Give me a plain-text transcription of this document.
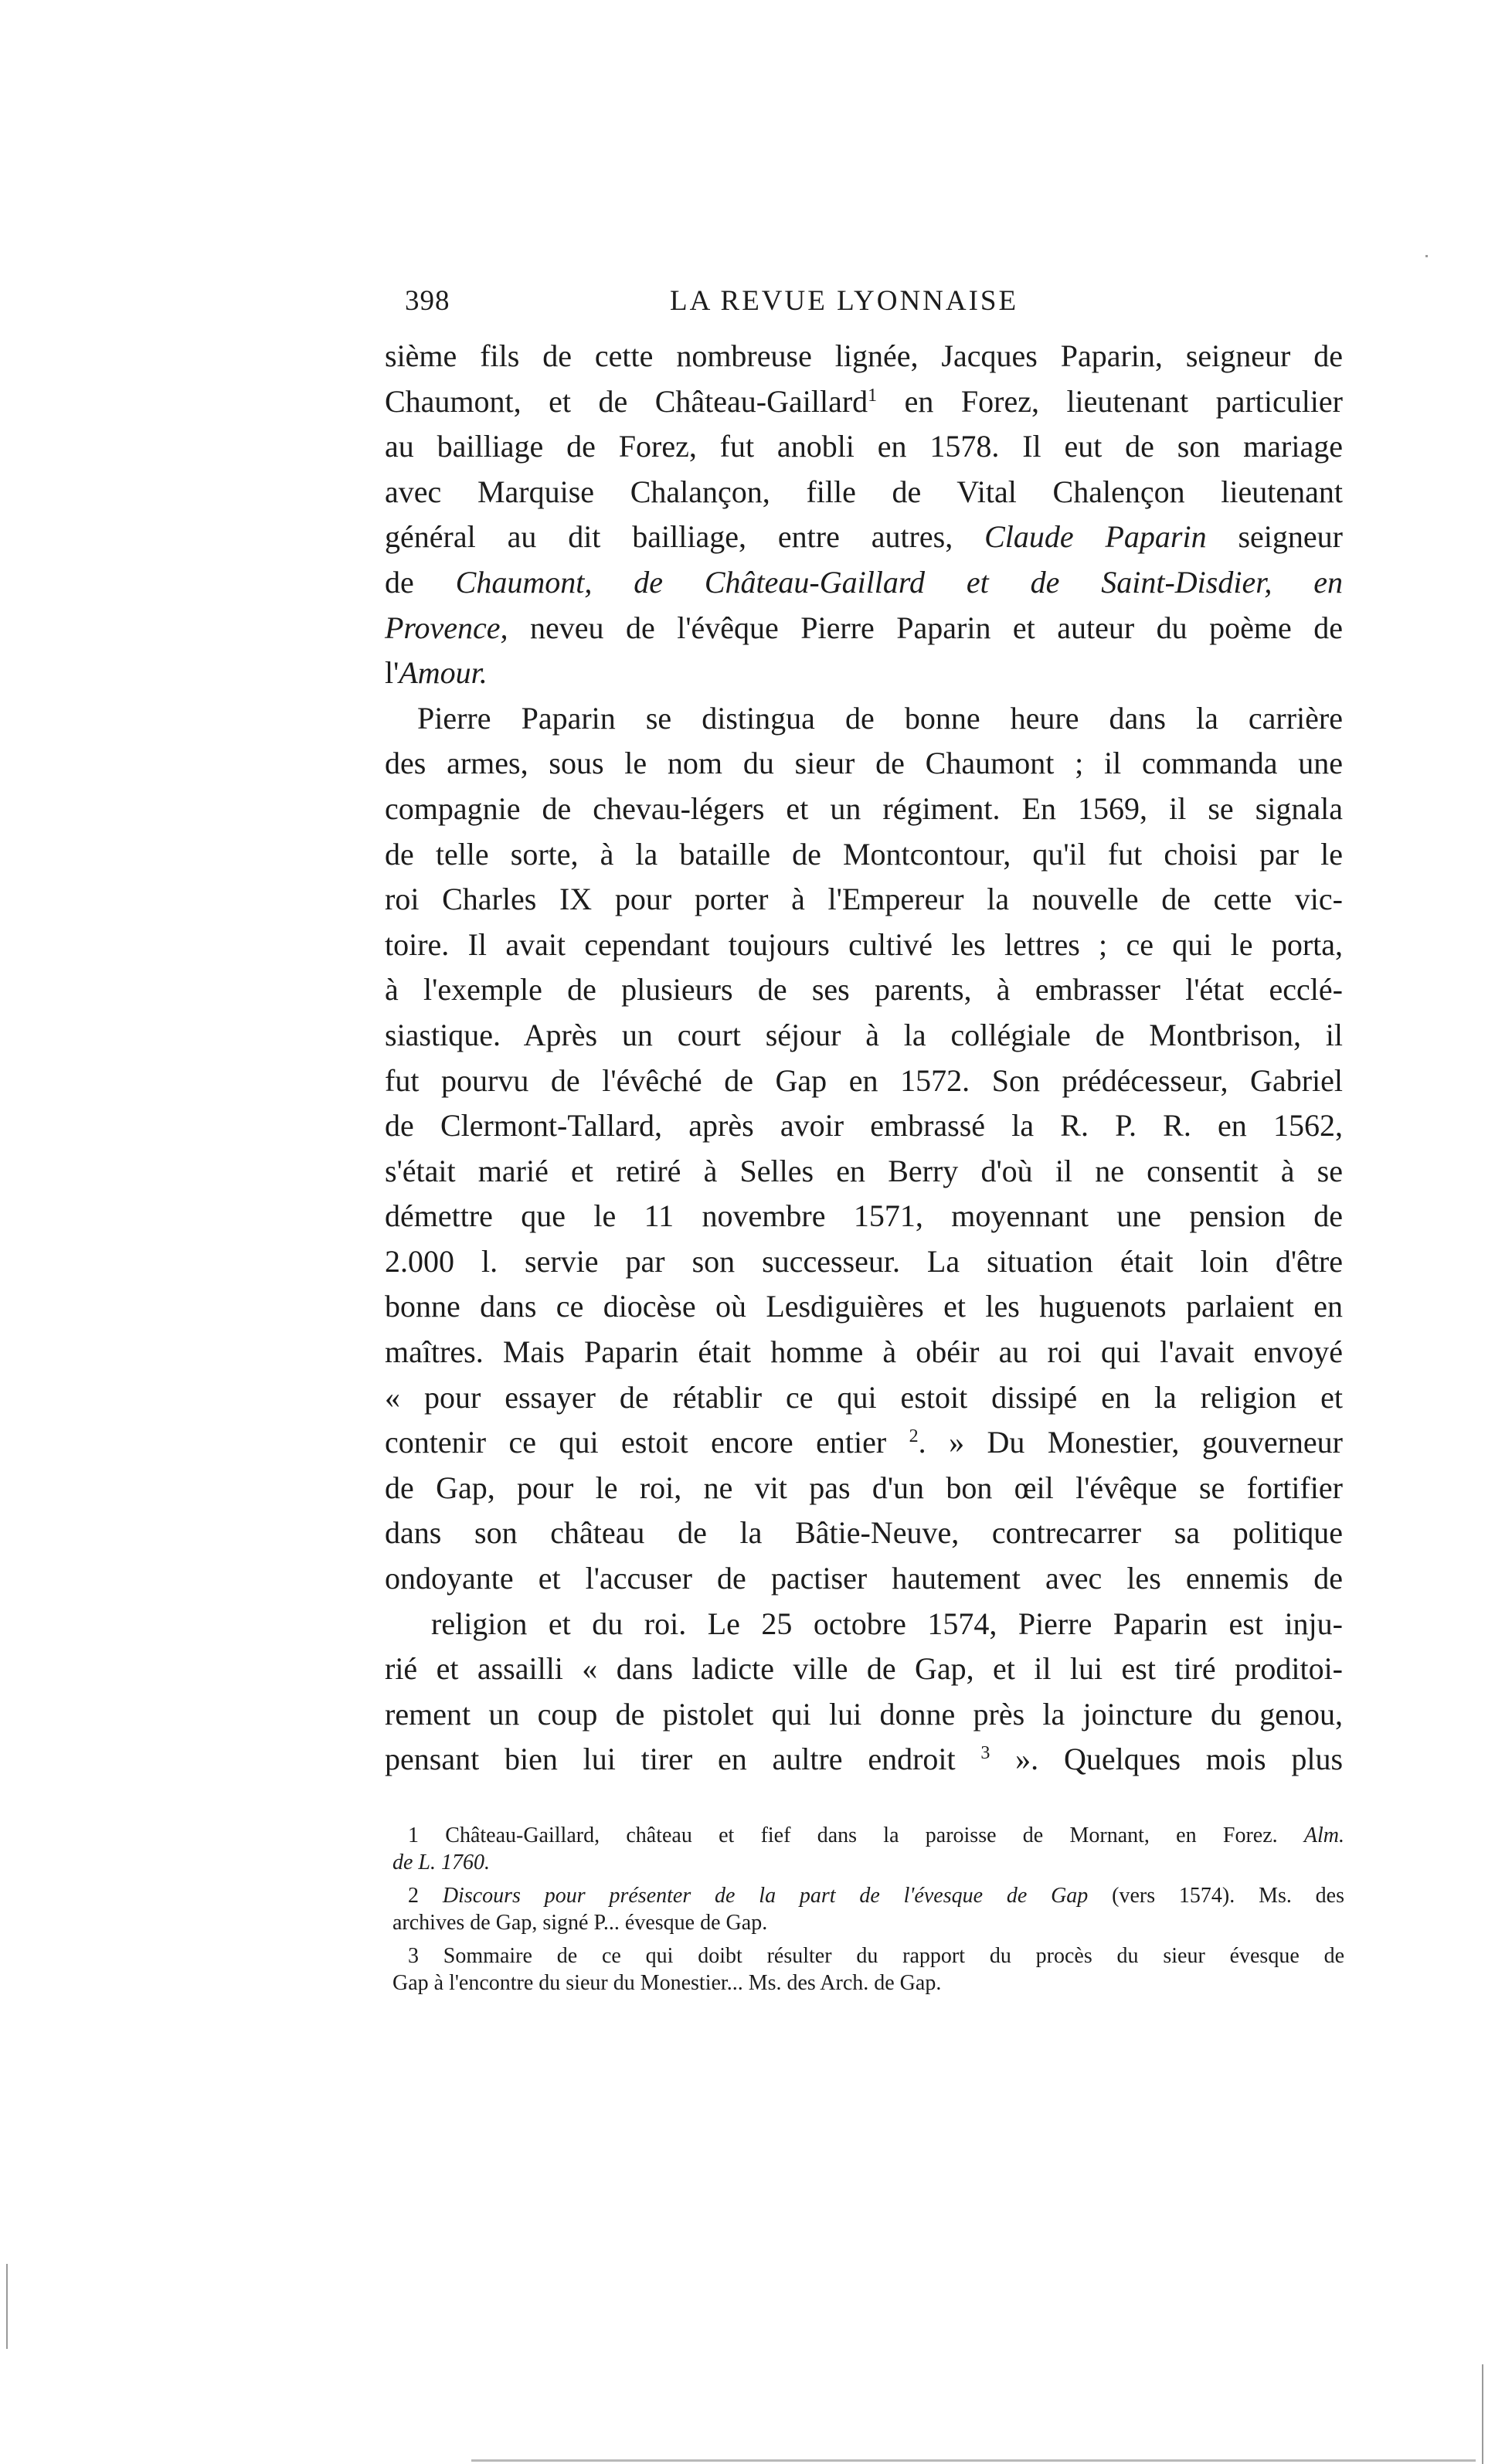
398	LA REVUE LYONNAISE
sième fils de cette nombreuse lignée, Jacques Paparin, seigneur de
Chaumont, et de Château-Gaillard$^1$ en Forez, lieutenant particulier
au bailliage de Forez, fut anobli en 1578. Il eut de son mariage
avec Marquise Chalançon, fille de Vital Chalençon lieutenant
général au dit bailliage, entre autres, Claude Paparin seigneur
de Chaumont, de Château-Gaillard et de Saint-Disdier, en
Provence, neveu de l'évêque Pierre Paparin et auteur du poème de
l'Amour.
Pierre Paparin se distingua de bonne heure dans la carrière
des armes, sous le nom du sieur de Chaumont ; il commanda une
compagnie de chevau-légers et un régiment. En 1569, il se signala
de telle sorte, à la bataille de Montcontour, qu'il fut choisi par le
roi Charles IX pour porter à l'Empereur la nouvelle de cette vic-
toire. Il avait cependant toujours cultivé les lettres ; ce qui le porta,
à l'exemple de plusieurs de ses parents, à embrasser l'état ecclé-
siastique. Après un court séjour à la collégiale de Montbrison, il
fut pourvu de l'évêché de Gap en 1572. Son prédécesseur, Gabriel
de Clermont-Tallard, après avoir embrassé la R. P. R. en 1562,
s'était marié et retiré à Selles en Berry d'où il ne consentit à se
démettre que le 11 novembre 1571, moyennant une pension de
2.000 l. servie par son successeur. La situation était loin d'être
bonne dans ce diocèse où Lesdiguières et les huguenots parlaient en
maîtres. Mais Paparin était homme à obéir au roi qui l'avait envoyé
« pour essayer de rétablir ce qui estoit dissipé en la religion et
contenir ce qui estoit encore entier $^2$. » Du Monestier, gouverneur
de Gap, pour le roi, ne vit pas d'un bon œil l'évêque se fortifier
dans son château de la Bâtie-Neuve, contrecarrer sa politique
ondoyante et l'accuser de pactiser hautement avec les ennemis de
religion et du roi. Le 25 octobre 1574, Pierre Paparin est inju-
rié et assailli « dans ladicte ville de Gap, et il lui est tiré proditoi-
rement un coup de pistolet qui lui donne près la joincture du genou,
pensant bien lui tirer en aultre endroit $^3$ ». Quelques mois plus
1 Château-Gaillard, château et fief dans la paroisse de Mornant, en Forez. Alm.
de L. 1760.
2 Discours pour présenter de la part de l'évesque de Gap (vers 1574). Ms. des
archives de Gap, signé P... évesque de Gap.
3 Sommaire de ce qui doibt résulter du rapport du procès du sieur évesque de
Gap à l'encontre du sieur du Monestier... Ms. des Arch. de Gap.
